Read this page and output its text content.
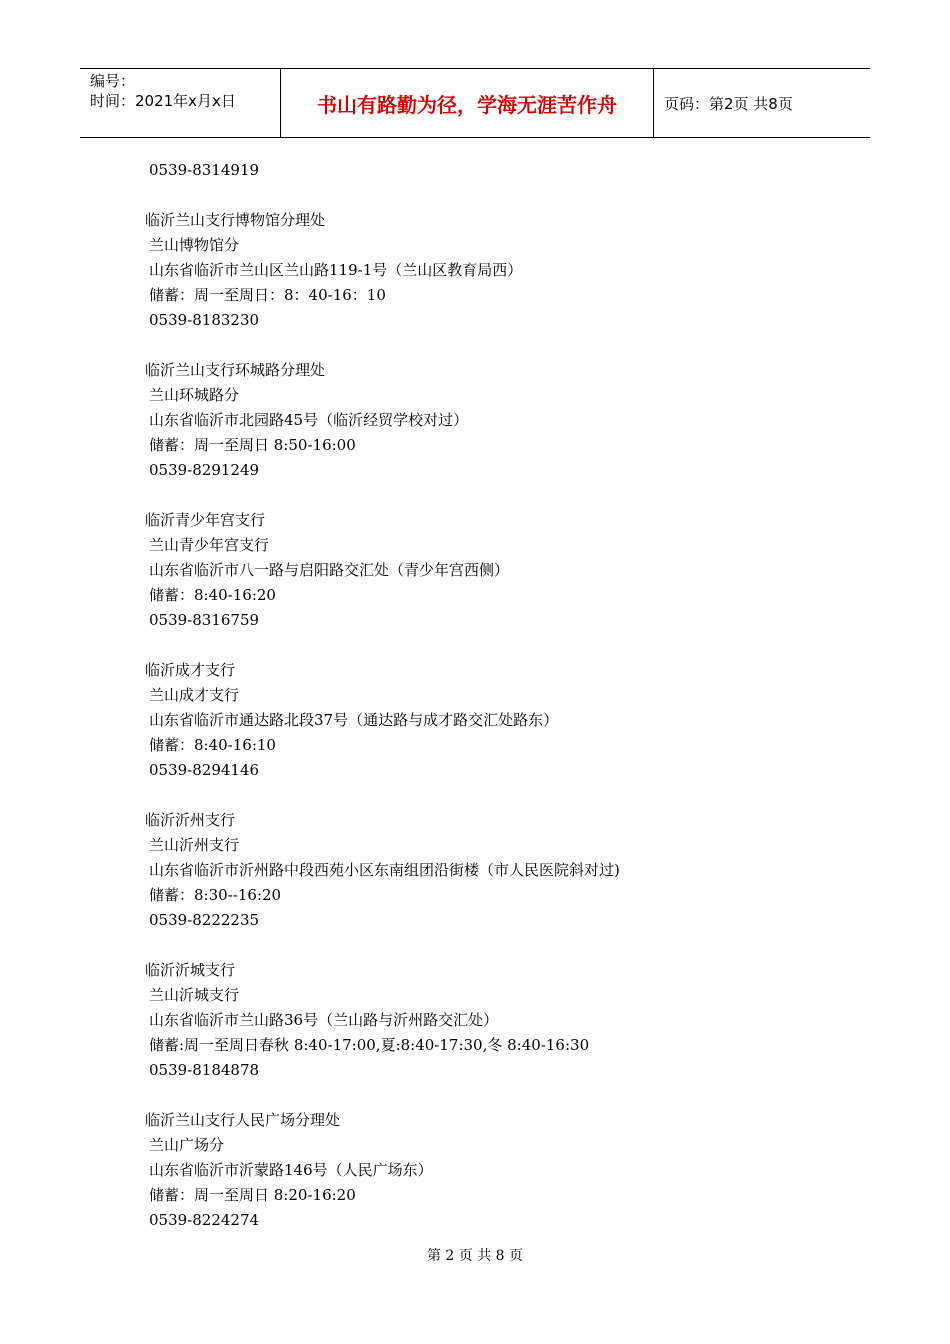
编号：
时间：2021年x月x日	书山有路勤为径，学海无涯苦作舟	页码：第2页 共8页
0539-8314919
临沂兰山支行博物馆分理处
兰山博物馆分
山东省临沂市兰山区兰山路119-1号（兰山区教育局西）
储蓄：周一至周日：8：40-16：10
0539-8183230
临沂兰山支行环城路分理处
兰山环城路分
山东省临沂市北园路45号（临沂经贸学校对过）
储蓄：周一至周日 8:50-16:00
0539-8291249
临沂青少年宫支行
兰山青少年宫支行
山东省临沂市八一路与启阳路交汇处（青少年宫西侧）
储蓄：8:40-16:20
0539-8316759
临沂成才支行
兰山成才支行
山东省临沂市通达路北段37号（通达路与成才路交汇处路东）
储蓄：8:40-16:10
0539-8294146
临沂沂州支行
兰山沂州支行
山东省临沂市沂州路中段西苑小区东南组团沿街楼（市人民医院斜对过)
储蓄：8:30--16:20
0539-8222235
临沂沂城支行
兰山沂城支行
山东省临沂市兰山路36号（兰山路与沂州路交汇处）
储蓄:周一至周日春秋 8:40-17:00,夏:8:40-17:30,冬 8:40-16:30
0539-8184878
临沂兰山支行人民广场分理处
兰山广场分
山东省临沂市沂蒙路146号（人民广场东）
储蓄：周一至周日 8:20-16:20
0539-8224274
第 2 页 共 8 页
